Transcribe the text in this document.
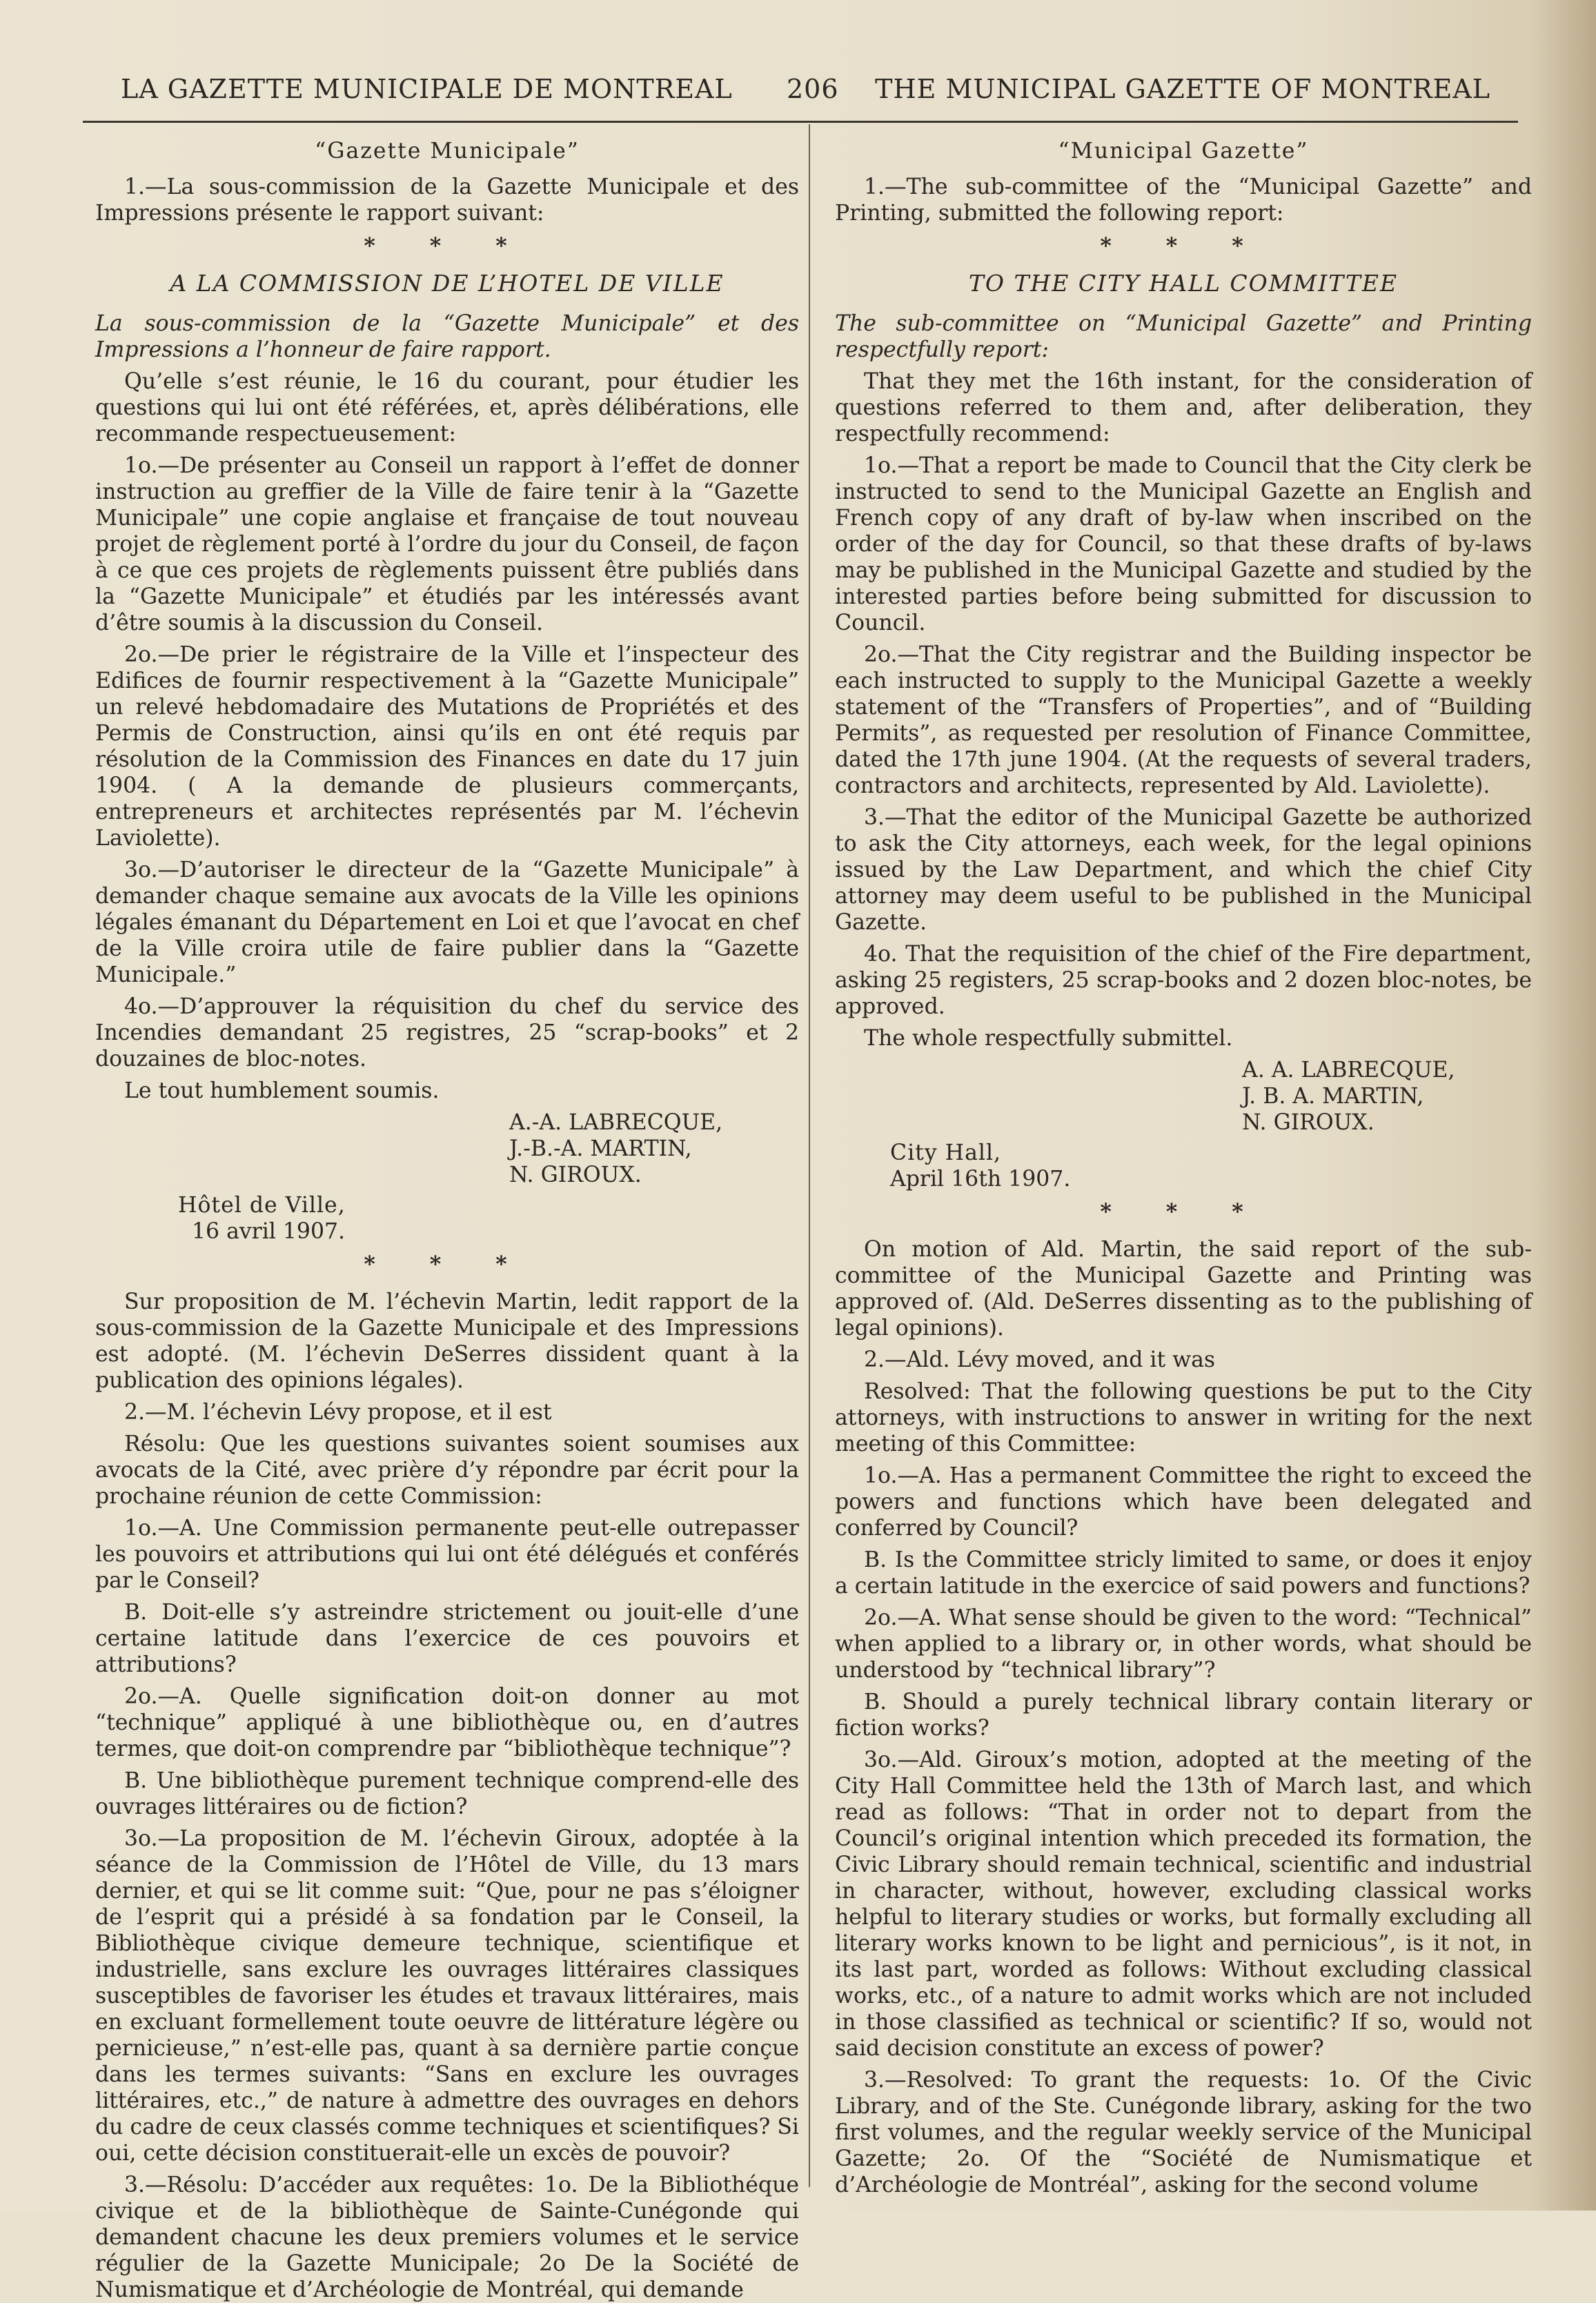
LA GAZETTE MUNICIPALE DE MONTREAL 206 THE MUNICIPAL GAZETTE OF MONTREAL

“Gazette Municipale”

1.—La sous-commission de la Gazette Municipale et des Impressions présente le rapport suivant:

* * *

A LA COMMISSION DE L’HOTEL DE VILLE

La sous-commission de la “Gazette Municipale” et des Impressions a l’honneur de faire rapport.

Qu’elle s’est réunie, le 16 du courant, pour étudier les questions qui lui ont été référées, et, après délibérations, elle recommande respectueusement:

1o.—De présenter au Conseil un rapport à l’effet de donner instruction au greffier de la Ville de faire tenir à la “Gazette Municipale” une copie anglaise et française de tout nouveau projet de règlement porté à l’ordre du jour du Conseil, de façon à ce que ces projets de règlements puissent être publiés dans la “Gazette Municipale” et étudiés par les intéressés avant d’être soumis à la discussion du Conseil.

2o.—De prier le régistraire de la Ville et l’inspecteur des Edifices de fournir respectivement à la “Gazette Municipale” un relevé hebdomadaire des Mutations de Propriétés et des Permis de Construction, ainsi qu’ils en ont été requis par résolution de la Commission des Finances en date du 17 juin 1904. ( A la demande de plusieurs commerçants, entrepreneurs et architectes représentés par M. l’échevin Laviolette).

3o.—D’autoriser le directeur de la “Gazette Municipale” à demander chaque semaine aux avocats de la Ville les opinions légales émanant du Département en Loi et que l’avocat en chef de la Ville croira utile de faire publier dans la “Gazette Municipale.”

4o.—D’approuver la réquisition du chef du service des Incendies demandant 25 registres, 25 “scrap-books” et 2 douzaines de bloc-notes.

Le tout humblement soumis.

A.-A. LABRECQUE,
J.-B.-A. MARTIN,
N. GIROUX.
Hôtel de Ville,
16 avril 1907.

* * *

Sur proposition de M. l’échevin Martin, ledit rapport de la sous-commission de la Gazette Municipale et des Impressions est adopté. (M. l’échevin DeSerres dissident quant à la publication des opinions légales).

2.—M. l’échevin Lévy propose, et il est

Résolu: Que les questions suivantes soient soumises aux avocats de la Cité, avec prière d’y répondre par écrit pour la prochaine réunion de cette Commission:

1o.—A. Une Commission permanente peut-elle outrepasser les pouvoirs et attributions qui lui ont été délégués et conférés par le Conseil?

B. Doit-elle s’y astreindre strictement ou jouit-elle d’une certaine latitude dans l’exercice de ces pouvoirs et attributions?

2o.—A. Quelle signification doit-on donner au mot “technique” appliqué à une bibliothèque ou, en d’autres termes, que doit-on comprendre par “bibliothèque technique”?

B. Une bibliothèque purement technique comprend-elle des ouvrages littéraires ou de fiction?

3o.—La proposition de M. l’échevin Giroux, adoptée à la séance de la Commission de l’Hôtel de Ville, du 13 mars dernier, et qui se lit comme suit: “Que, pour ne pas s’éloigner de l’esprit qui a présidé à sa fondation par le Conseil, la Bibliothèque civique demeure technique, scientifique et industrielle, sans exclure les ouvrages littéraires classiques susceptibles de favoriser les études et travaux littéraires, mais en excluant formellement toute oeuvre de littérature légère ou pernicieuse,” n’est-elle pas, quant à sa dernière partie conçue dans les termes suivants: “Sans en exclure les ouvrages littéraires, etc.,” de nature à admettre des ouvrages en dehors du cadre de ceux classés comme techniques et scientifiques? Si oui, cette décision constituerait-elle un excès de pouvoir?

3.—Résolu: D’accéder aux requêtes: 1o. De la Bibliothéque civique et de la bibliothèque de Sainte-Cunégonde qui demandent chacune les deux premiers volumes et le service régulier de la Gazette Municipale; 2o De la Société de Numismatique et d’Archéologie de Montréal, qui demande

“Municipal Gazette”

1.—The sub-committee of the “Municipal Gazette” and Printing, submitted the following report:

* * *

TO THE CITY HALL COMMITTEE

The sub-committee on “Municipal Gazette” and Printing respectfully report:

That they met the 16th instant, for the consideration of questions referred to them and, after deliberation, they respectfully recommend:

1o.—That a report be made to Council that the City clerk be instructed to send to the Municipal Gazette an English and French copy of any draft of by-law when inscribed on the order of the day for Council, so that these drafts of by-laws may be published in the Municipal Gazette and studied by the interested parties before being submitted for discussion to Council.

2o.—That the City registrar and the Building inspector be each instructed to supply to the Municipal Gazette a weekly statement of the “Transfers of Properties”, and of “Building Permits”, as requested per resolution of Finance Committee, dated the 17th june 1904. (At the requests of several traders, contractors and architects, represented by Ald. Laviolette).

3.—That the editor of the Municipal Gazette be authorized to ask the City attorneys, each week, for the legal opinions issued by the Law Department, and which the chief City attorney may deem useful to be published in the Municipal Gazette.

4o. That the requisition of the chief of the Fire department, asking 25 registers, 25 scrap-books and 2 dozen bloc-notes, be approved.

The whole respectfully submittel.

A. A. LABRECQUE,
J. B. A. MARTIN,
N. GIROUX.
City Hall,
April 16th 1907.

* * *

On motion of Ald. Martin, the said report of the sub-committee of the Municipal Gazette and Printing was approved of. (Ald. DeSerres dissenting as to the publishing of legal opinions).

2.—Ald. Lévy moved, and it was

Resolved: That the following questions be put to the City attorneys, with instructions to answer in writing for the next meeting of this Committee:

1o.—A. Has a permanent Committee the right to exceed the powers and functions which have been delegated and conferred by Council?

B. Is the Committee stricly limited to same, or does it enjoy a certain latitude in the exercice of said powers and functions?

2o.—A. What sense should be given to the word: “Technical” when applied to a library or, in other words, what should be understood by “technical library”?

B. Should a purely technical library contain literary or fiction works?

3o.—Ald. Giroux’s motion, adopted at the meeting of the City Hall Committee held the 13th of March last, and which read as follows: “That in order not to depart from the Council’s original intention which preceded its formation, the Civic Library should remain technical, scientific and industrial in character, without, however, excluding classical works helpful to literary studies or works, but formally excluding all literary works known to be light and pernicious”, is it not, in its last part, worded as follows: Without excluding classical works, etc., of a nature to admit works which are not included in those classified as technical or scientific? If so, would not said decision constitute an excess of power?

3.—Resolved: To grant the requests: 1o. Of the Civic Library, and of the Ste. Cunégonde library, asking for the two first volumes, and the regular weekly service of the Municipal Gazette; 2o. Of the “Société de Numismatique et d’Archéologie de Montréal”, asking for the second volume
